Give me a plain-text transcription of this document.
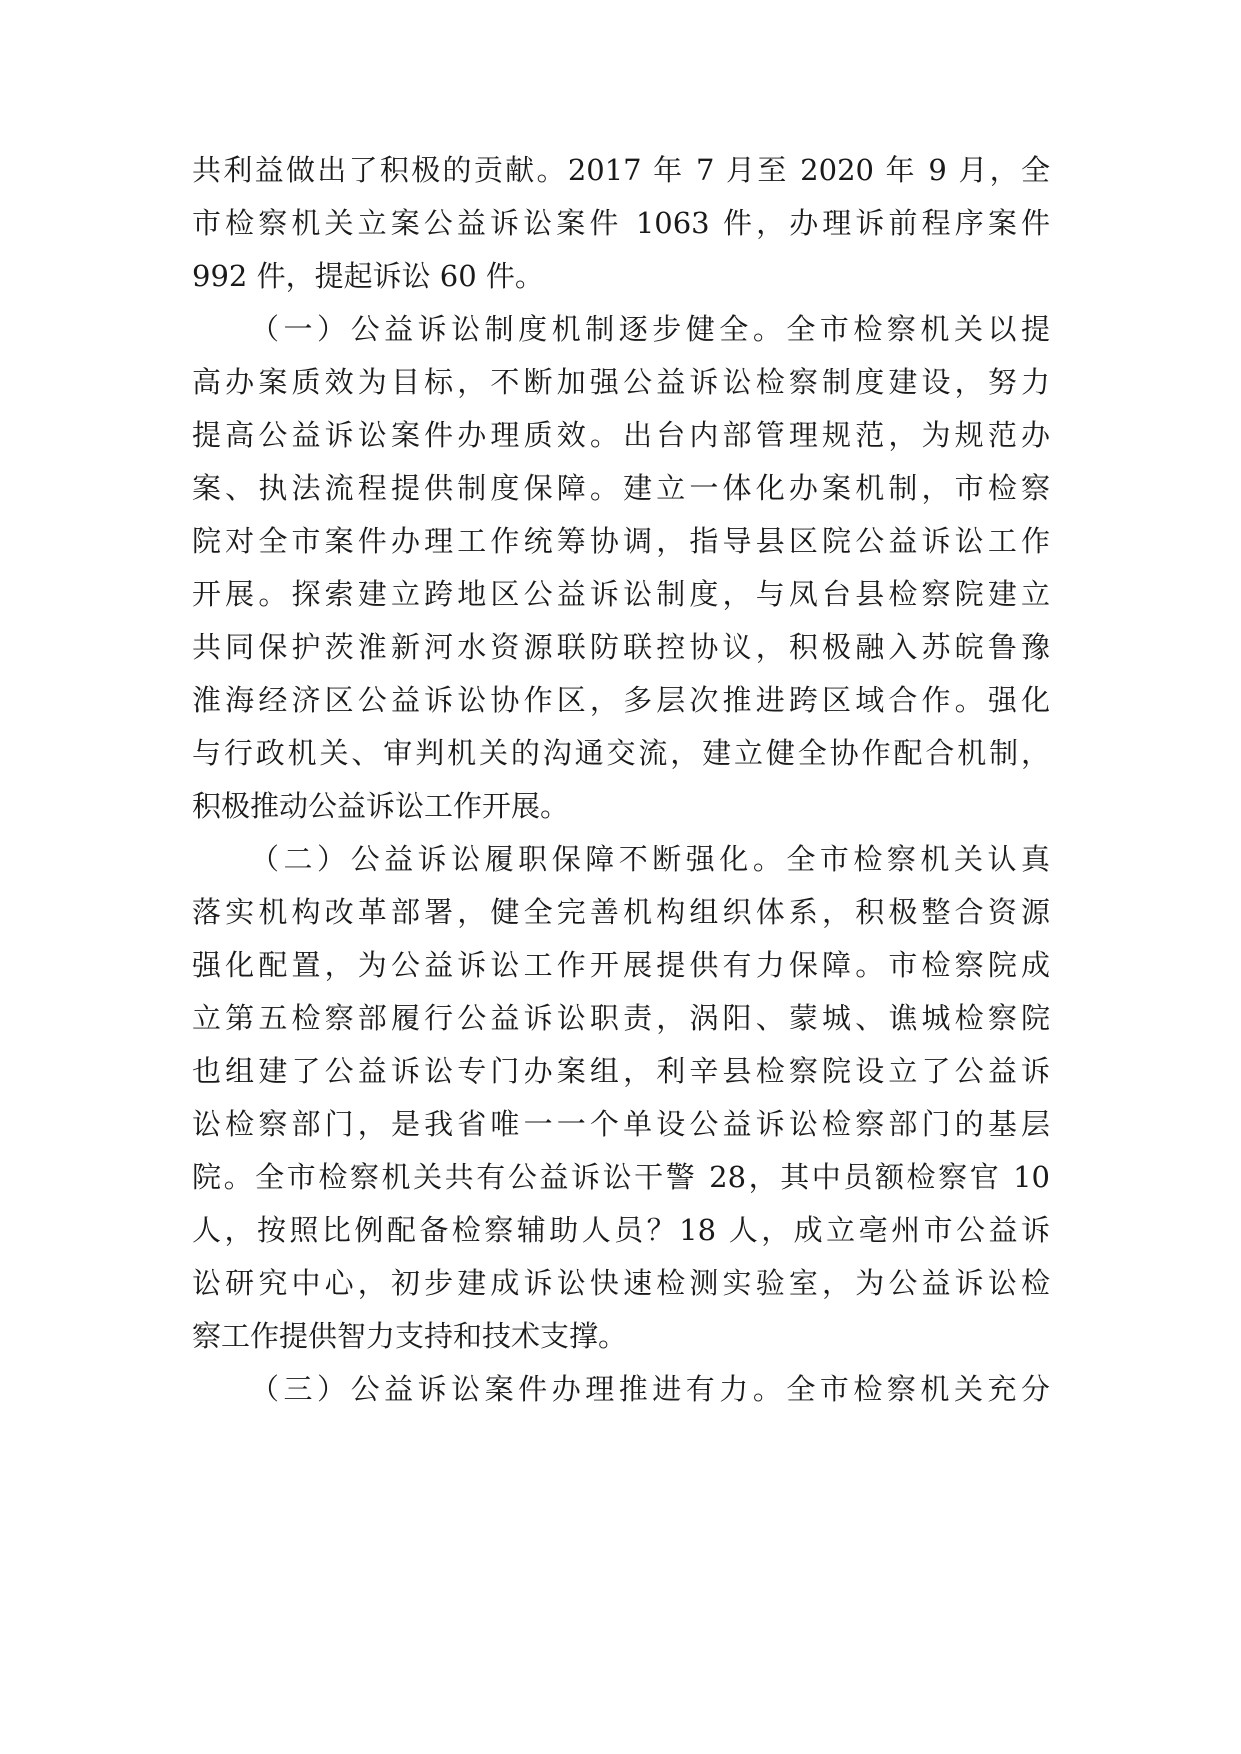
共利益做出了积极的贡献。2017 年 7 月至 2020 年 9 月，全
市检察机关立案公益诉讼案件 1063 件，办理诉前程序案件
992 件，提起诉讼 60 件。
（一）公益诉讼制度机制逐步健全。全市检察机关以提
高办案质效为目标，不断加强公益诉讼检察制度建设，努力
提高公益诉讼案件办理质效。出台内部管理规范，为规范办
案、执法流程提供制度保障。建立一体化办案机制，市检察
院对全市案件办理工作统筹协调，指导县区院公益诉讼工作
开展。探索建立跨地区公益诉讼制度，与凤台县检察院建立
共同保护茨淮新河水资源联防联控协议，积极融入苏皖鲁豫
淮海经济区公益诉讼协作区，多层次推进跨区域合作。强化
与行政机关、审判机关的沟通交流，建立健全协作配合机制，
积极推动公益诉讼工作开展。
（二）公益诉讼履职保障不断强化。全市检察机关认真
落实机构改革部署，健全完善机构组织体系，积极整合资源
强化配置，为公益诉讼工作开展提供有力保障。市检察院成
立第五检察部履行公益诉讼职责，涡阳、蒙城、谯城检察院
也组建了公益诉讼专门办案组，利辛县检察院设立了公益诉
讼检察部门，是我省唯一一个单设公益诉讼检察部门的基层
院。全市检察机关共有公益诉讼干警 28，其中员额检察官 10
人，按照比例配备检察辅助人员？18 人，成立亳州市公益诉
讼研究中心，初步建成诉讼快速检测实验室，为公益诉讼检
察工作提供智力支持和技术支撑。
（三）公益诉讼案件办理推进有力。全市检察机关充分
